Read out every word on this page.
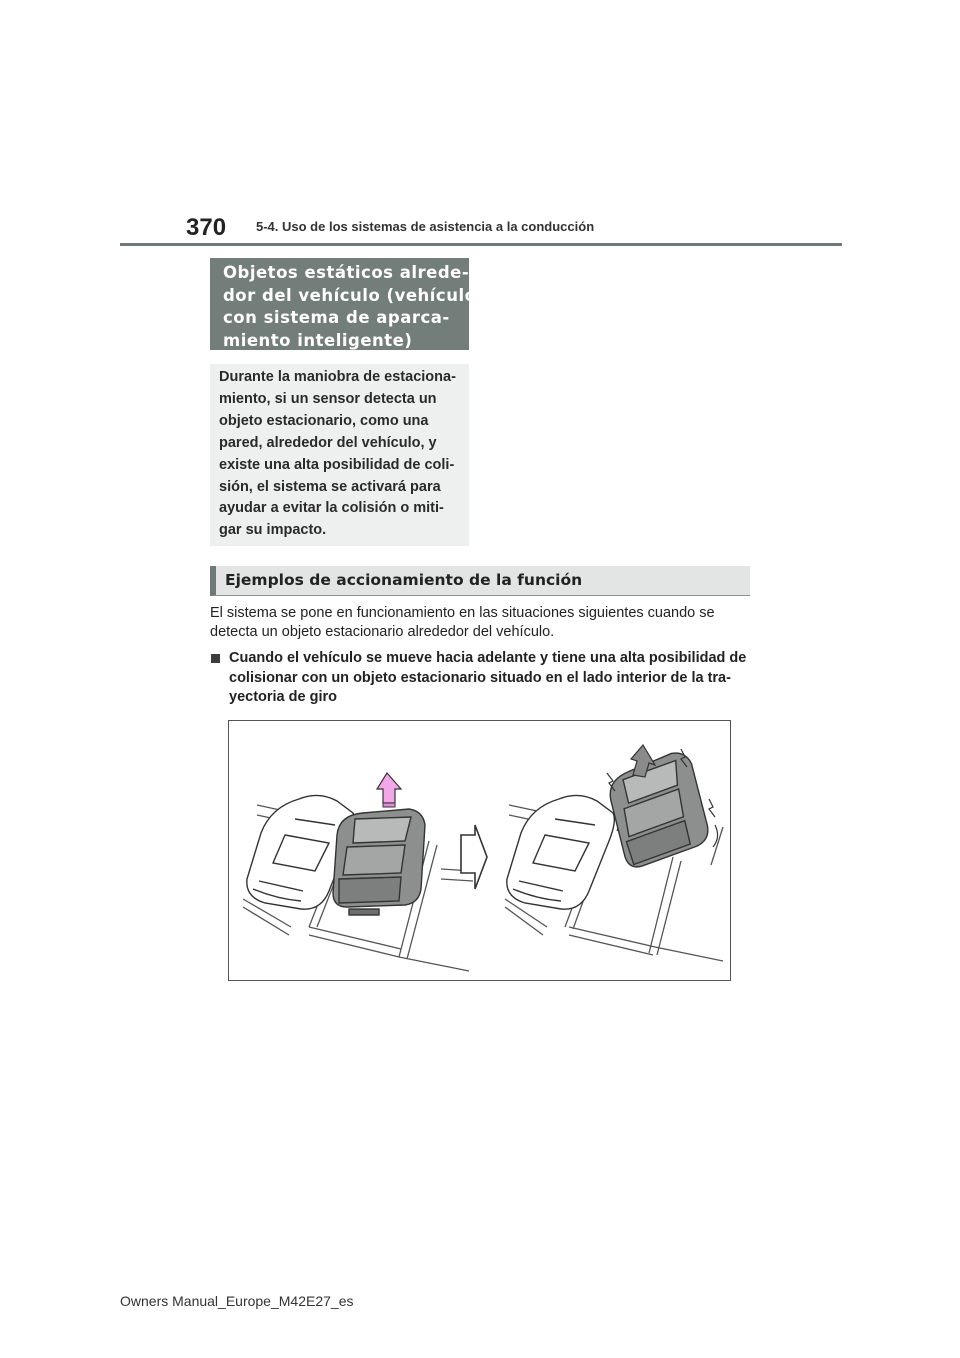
370 5-4. Uso de los sistemas de asistencia a la conducción
Objetos estáticos alrede-
dor del vehículo (vehículos
con sistema de aparca-
miento inteligente)
Durante la maniobra de estaciona-
miento, si un sensor detecta un
objeto estacionario, como una
pared, alrededor del vehículo, y
existe una alta posibilidad de coli-
sión, el sistema se activará para
ayudar a evitar la colisión o miti-
gar su impacto.
Ejemplos de accionamiento de la función
El sistema se pone en funcionamiento en las situaciones siguientes cuando se
detecta un objeto estacionario alrededor del vehículo.
Cuando el vehículo se mueve hacia adelante y tiene una alta posibilidad de
colisionar con un objeto estacionario situado en el lado interior de la tra-
yectoria de giro
Owners Manual_Europe_M42E27_es
